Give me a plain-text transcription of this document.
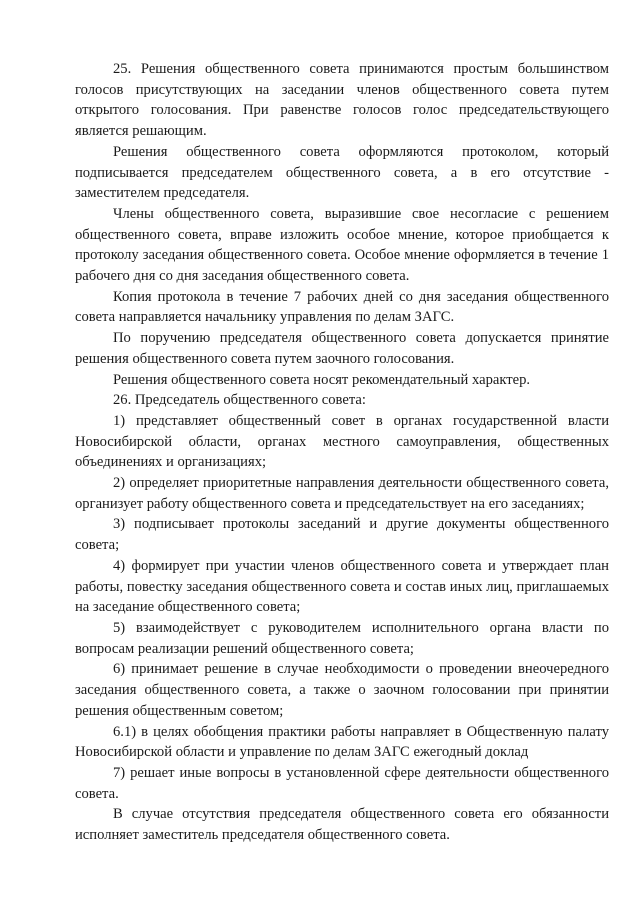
25. Решения общественного совета принимаются простым большинством голосов присутствующих на заседании членов общественного совета путем открытого голосования. При равенстве голосов голос председательствующего является решающим.

Решения общественного совета оформляются протоколом, который подписывается председателем общественного совета, а в его отсутствие - заместителем председателя.

Члены общественного совета, выразившие свое несогласие с решением общественного совета, вправе изложить особое мнение, которое приобщается к протоколу заседания общественного совета. Особое мнение оформляется в течение 1 рабочего дня со дня заседания общественного совета.

Копия протокола в течение 7 рабочих дней со дня заседания общественного совета направляется начальнику управления по делам ЗАГС.

По поручению председателя общественного совета допускается принятие решения общественного совета путем заочного голосования.

Решения общественного совета носят рекомендательный характер.

26. Председатель общественного совета:

1) представляет общественный совет в органах государственной власти Новосибирской области, органах местного самоуправления, общественных объединениях и организациях;

2) определяет приоритетные направления деятельности общественного совета, организует работу общественного совета и председательствует на его заседаниях;

3) подписывает протоколы заседаний и другие документы общественного совета;

4) формирует при участии членов общественного совета и утверждает план работы, повестку заседания общественного совета и состав иных лиц, приглашаемых на заседание общественного совета;

5) взаимодействует с руководителем исполнительного органа власти по вопросам реализации решений общественного совета;

6) принимает решение в случае необходимости о проведении внеочередного заседания общественного совета, а также о заочном голосовании при принятии решения общественным советом;

6.1) в целях обобщения практики работы направляет в Общественную палату Новосибирской области и управление по делам ЗАГС ежегодный доклад

7) решает иные вопросы в установленной сфере деятельности общественного совета.

В случае отсутствия председателя общественного совета его обязанности исполняет заместитель председателя общественного совета.
